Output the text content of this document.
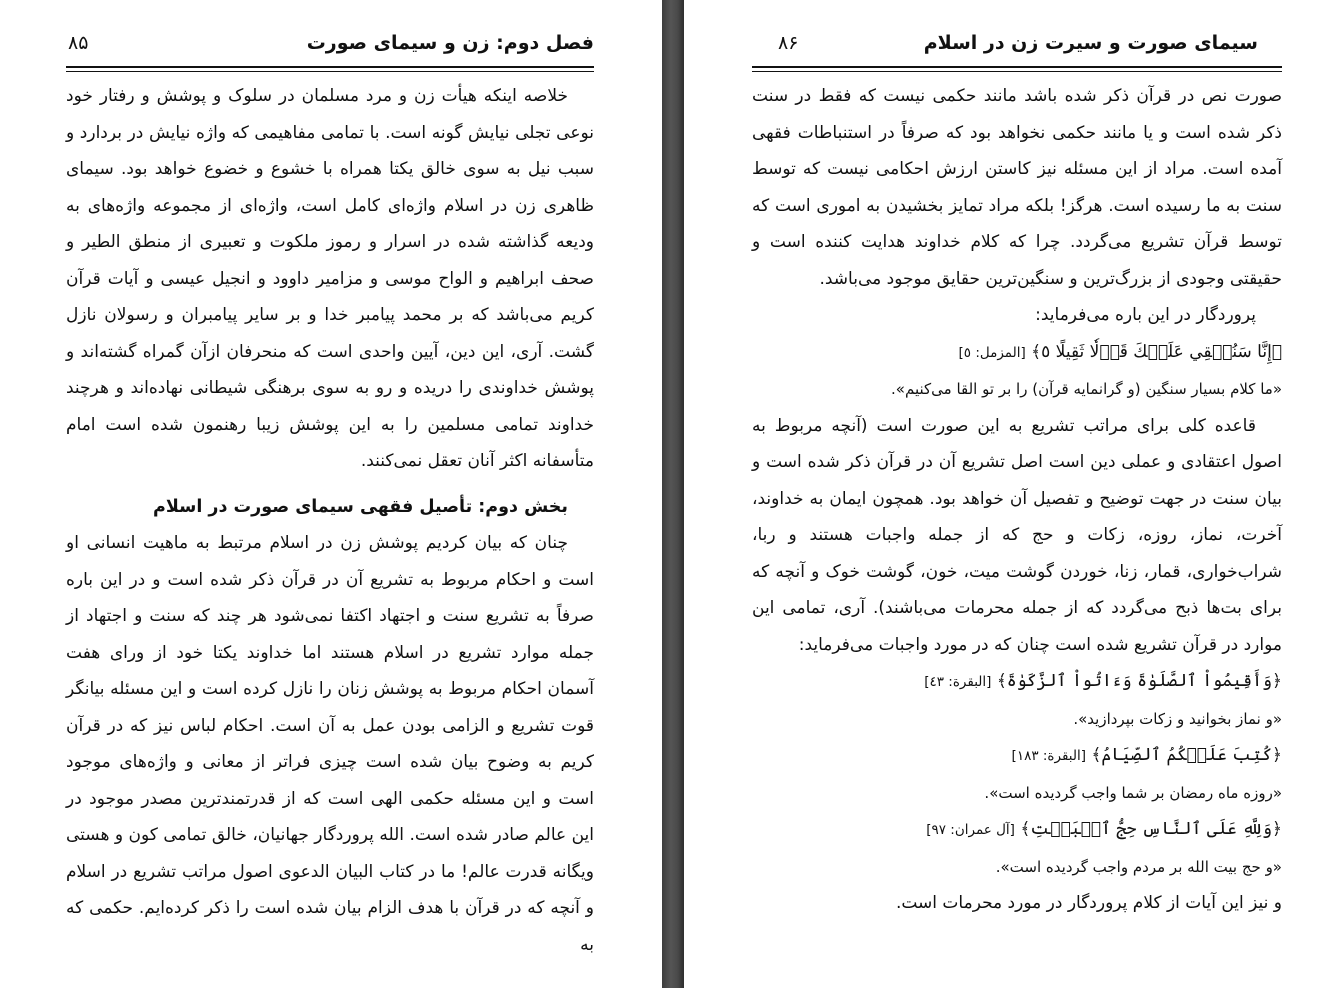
فصل دوم: زن و سیمای صورت
۸۵

خلاصه اینکه هیأت زن و مرد مسلمان در سلوک و پوشش و رفتار خود نوعی تجلی نیایش گونه است. با تمامی مفاهیمی که واژه نیایش در بردارد و سبب نیل به سوی خالق یکتا همراه با خشوع و خضوع خواهد بود. سیمای ظاهری زن در اسلام واژه‌ای کامل است، واژه‌ای از مجموعه واژه‌های به ودیعه گذاشته شده در اسرار و رموز ملکوت و تعبیری از منطق الطیر و صحف ابراهیم و الواح موسی و مزامیر داوود و انجیل عیسی و آیات قرآن کریم می‌باشد که بر محمد پیامبر خدا و بر سایر پیامبران و رسولان نازل گشت. آری، این دین، آیین واحدی است که منحرفان ازآن گمراه گشته‌اند و پوشش خداوندی را دریده و رو به سوی برهنگی شیطانی نهاده‌اند و هرچند خداوند تمامی مسلمین را به این پوشش زیبا رهنمون شده است امام متأسفانه اکثر آنان تعقل نمی‌کنند.

بخش دوم: تأصیل فقهی سیمای صورت در اسلام

چنان که بیان کردیم پوشش زن در اسلام مرتبط به ماهیت انسانی او است و احکام مربوط به تشریع آن در قرآن ذکر شده است و در این باره صرفاً به تشریع سنت و اجتهاد اکتفا نمی‌شود هر چند که سنت و اجتهاد از جمله موارد تشریع در اسلام هستند اما خداوند یکتا خود از ورای هفت آسمان احکام مربوط به پوشش زنان را نازل کرده است و این مسئله بیانگر قوت تشریع و الزامی بودن عمل به آن است. احکام لباس نیز که در قرآن کریم به وضوح بیان شده است چیزی فراتر از معانی و واژه‌های موجود است و این مسئله حکمی الهی است که از قدرتمندترین مصدر موجود در این عالم صادر شده است. الله پروردگار جهانیان، خالق تمامی کون و هستی ویگانه قدرت عالم! ما در کتاب البیان الدعوی اصول مراتب تشریع در اسلام و آنچه که در قرآن با هدف الزام بیان شده است را ذکر کرده‌ایم. حکمی که به

سیمای صورت و سیرت زن در اسلام
۸۶

صورت نص در قرآن ذکر شده باشد مانند حکمی نیست که فقط در سنت ذکر شده است و یا مانند حکمی نخواهد بود که صرفاً در استنباطات فقهی آمده است. مراد از این مسئله نیز کاستن ارزش احکامی نیست که توسط سنت به ما رسیده است. هرگز! بلکه مراد تمایز بخشیدن به اموری است که توسط قرآن تشریع می‌گردد. چرا که کلام خداوند هدایت کننده است و حقیقتی وجودی از بزرگ‌ترین و سنگین‌ترین حقایق موجود می‌باشد.

پروردگار در این باره می‌فرماید:

﴿إِنَّا سَنُلۡقِي عَلَيۡكَ قَوۡلٗا ثَقِيلًا ٥﴾ [المزمل: ٥]

«ما کلام بسیار سنگین (و گرانمایه قرآن) را بر تو القا می‌کنیم».

قاعده کلی برای مراتب تشریع به این صورت است (آنچه مربوط به اصول اعتقادی و عملی دین است اصل تشریع آن در قرآن ذکر شده است و بیان سنت در جهت توضیح و تفصیل آن خواهد بود. همچون ایمان به خداوند، آخرت، نماز، روزه، زکات و حج که از جمله واجبات هستند و ربا، شراب‌خواری، قمار، زنا، خوردن گوشت میت، خون، گوشت خوک و آنچه که برای بت‌ها ذبح می‌گردد که از جمله محرمات می‌باشند). آری، تمامی این موارد در قرآن تشریع شده است چنان که در مورد واجبات می‌فرماید:

﴿وَأَقِيمُواْ ٱلصَّلَوٰةَ وَءَاتُواْ ٱلزَّكَوٰةَ﴾ [البقرة: ٤٣]

«و نماز بخوانید و زکات بپردازید».

﴿كُتِبَ عَلَيۡكُمُ ٱلصِّيَامُ﴾ [البقرة: ١٨٣]

«روزه ماه رمضان بر شما واجب گردیده است».

﴿وَلِلَّهِ عَلَى ٱلنَّاسِ حِجُّ ٱلۡبَيۡتِ﴾ [آل عمران: ٩٧]

«و حج بیت الله بر مردم واجب گردیده است».

و نیز این آیات از کلام پروردگار در مورد محرمات است.
